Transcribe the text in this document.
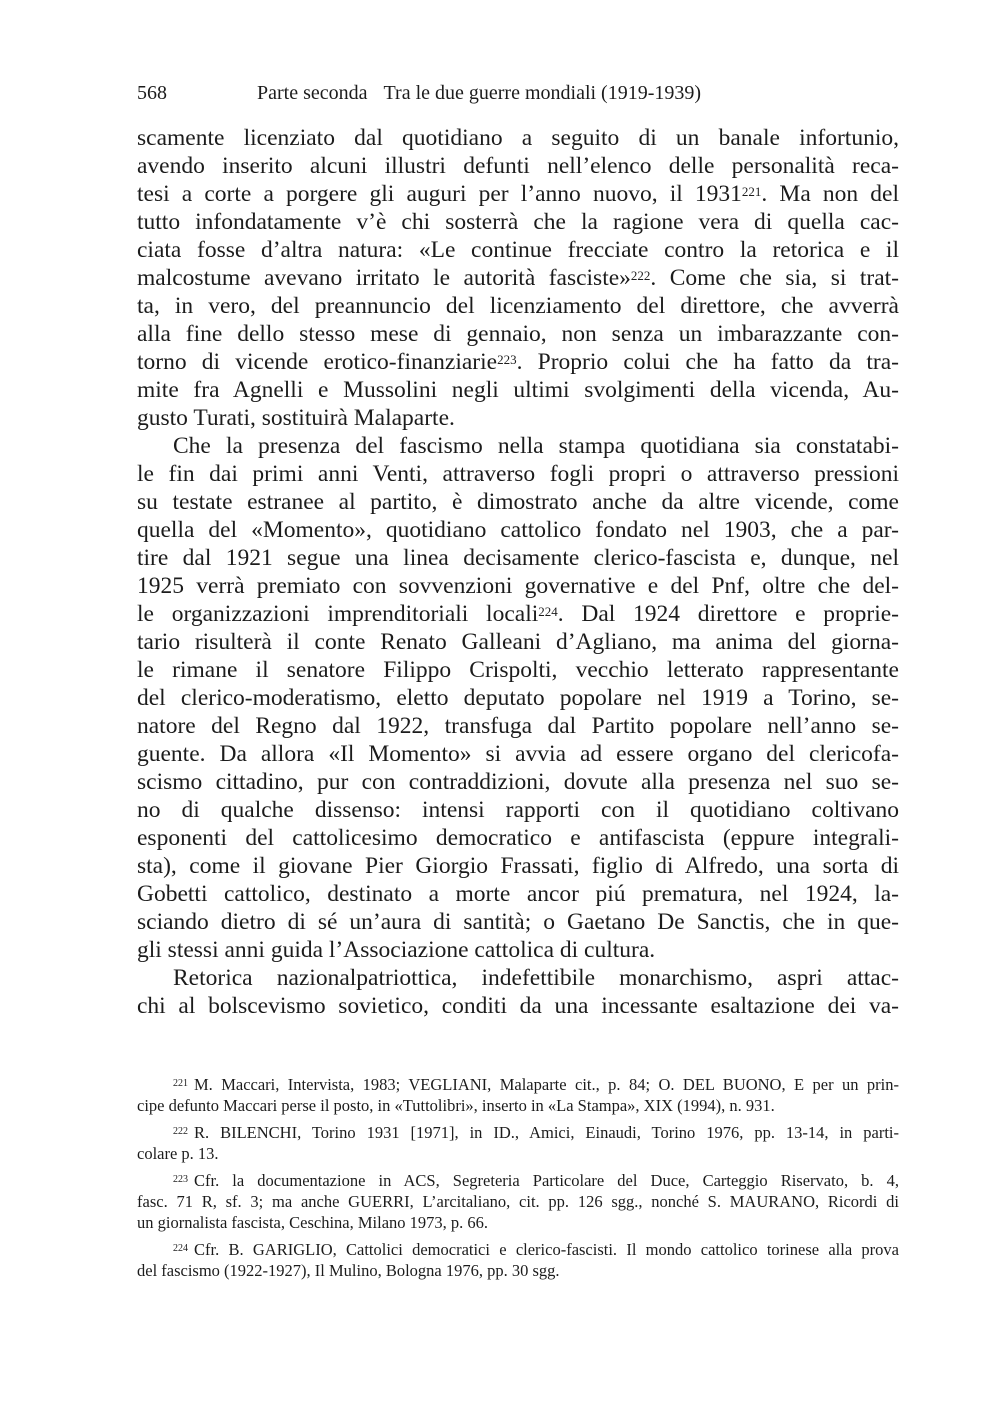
568	Parte seconda Tra le due guerre mondiali (1919-1939)
scamente licenziato dal quotidiano a seguito di un banale infortunio,
avendo inserito alcuni illustri defunti nell’elenco delle personalità reca-
tesi a corte a porgere gli auguri per l’anno nuovo, il 1931$^{221}$. Ma non del
tutto infondatamente v’è chi sosterrà che la ragione vera di quella cac-
ciata fosse d’altra natura: «Le continue frecciate contro la retorica e il
malcostume avevano irritato le autorità fasciste»$^{222}$. Come che sia, si trat-
ta, in vero, del preannuncio del licenziamento del direttore, che avverrà
alla fine dello stesso mese di gennaio, non senza un imbarazzante con-
torno di vicende erotico-finanziarie$^{223}$. Proprio colui che ha fatto da tra-
mite fra Agnelli e Mussolini negli ultimi svolgimenti della vicenda, Au-
gusto Turati, sostituirà Malaparte.
Che la presenza del fascismo nella stampa quotidiana sia constatabi-
le fin dai primi anni Venti, attraverso fogli propri o attraverso pressioni
su testate estranee al partito, è dimostrato anche da altre vicende, come
quella del «Momento», quotidiano cattolico fondato nel 1903, che a par-
tire dal 1921 segue una linea decisamente clerico-fascista e, dunque, nel
1925 verrà premiato con sovvenzioni governative e del Pnf, oltre che del-
le organizzazioni imprenditoriali locali$^{224}$. Dal 1924 direttore e proprie-
tario risulterà il conte Renato Galleani d’Agliano, ma anima del giorna-
le rimane il senatore Filippo Crispolti, vecchio letterato rappresentante
del clerico-moderatismo, eletto deputato popolare nel 1919 a Torino, se-
natore del Regno dal 1922, transfuga dal Partito popolare nell’anno se-
guente. Da allora «Il Momento» si avvia ad essere organo del clericofa-
scismo cittadino, pur con contraddizioni, dovute alla presenza nel suo se-
no di qualche dissenso: intensi rapporti con il quotidiano coltivano
esponenti del cattolicesimo democratico e antifascista (eppure integrali-
sta), come il giovane Pier Giorgio Frassati, figlio di Alfredo, una sorta di
Gobetti cattolico, destinato a morte ancor piú prematura, nel 1924, la-
sciando dietro di sé un’aura di santità; o Gaetano De Sanctis, che in que-
gli stessi anni guida l’Associazione cattolica di cultura.
Retorica nazionalpatriottica, indefettibile monarchismo, aspri attac-
chi al bolscevismo sovietico, conditi da una incessante esaltazione dei va-
$^{221}$ M. Maccari, Intervista, 1983; VEGLIANI, Malaparte cit., p. 84; O. DEL BUONO, E per un prin-
cipe defunto Maccari perse il posto, in «Tuttolibri», inserto in «La Stampa», XIX (1994), n. 931.
$^{222}$ R. BILENCHI, Torino 1931 [1971], in ID., Amici, Einaudi, Torino 1976, pp. 13-14, in parti-
colare p. 13.
$^{223}$ Cfr. la documentazione in ACS, Segreteria Particolare del Duce, Carteggio Riservato, b. 4,
fasc. 71 R, sf. 3; ma anche GUERRI, L’arcitaliano, cit. pp. 126 sgg., nonché S. MAURANO, Ricordi di
un giornalista fascista, Ceschina, Milano 1973, p. 66.
$^{224}$ Cfr. B. GARIGLIO, Cattolici democratici e clerico-fascisti. Il mondo cattolico torinese alla prova
del fascismo (1922-1927), Il Mulino, Bologna 1976, pp. 30 sgg.
